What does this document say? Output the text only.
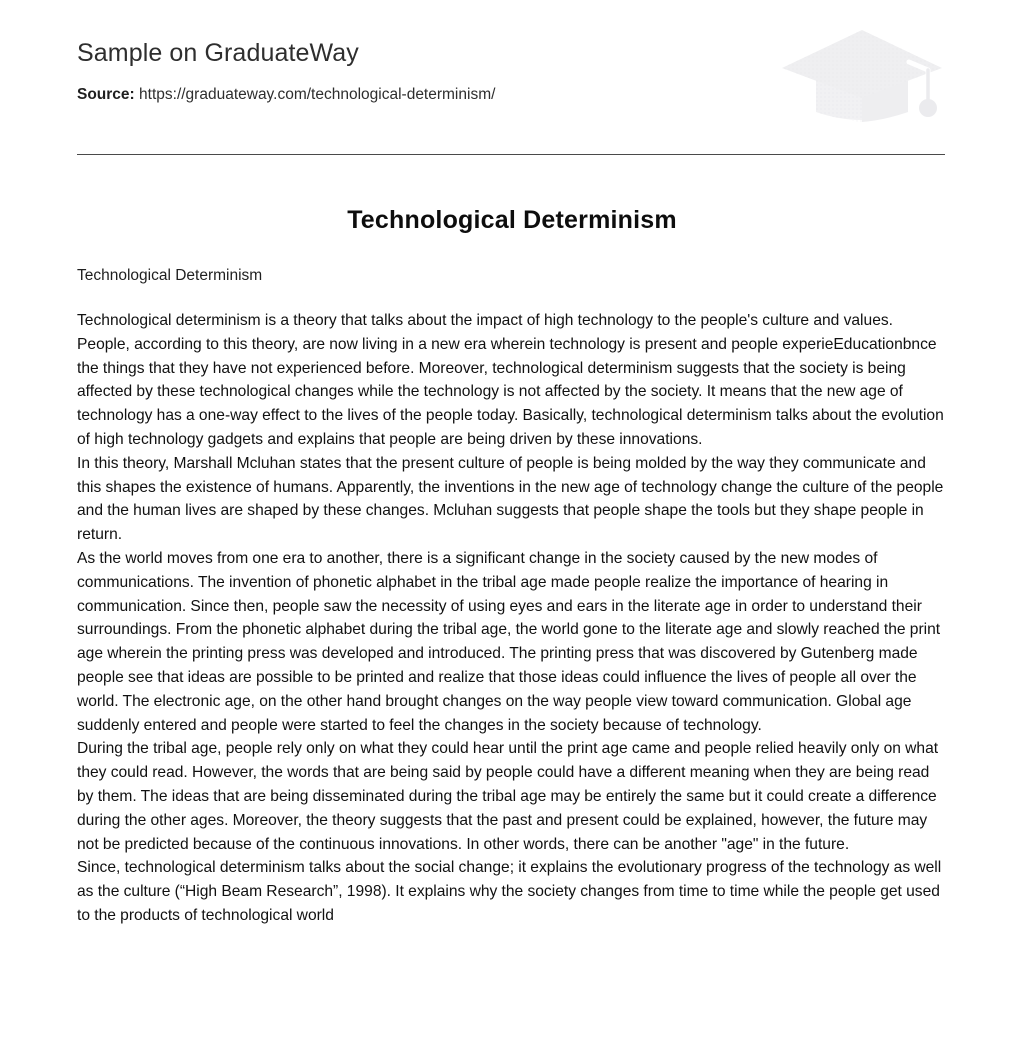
Sample on GraduateWay
Source: https://graduateway.com/technological-determinism/
Technological Determinism
Technological Determinism

Technological determinism is a theory that talks about the impact of high technology to the people's culture and values. People, according to this theory, are now living in a new era wherein technology is present and people experieEducationbnce the things that they have not experienced before. Moreover, technological determinism suggests that the society is being affected by these technological changes while the technology is not affected by the society. It means that the new age of technology has a one-way effect to the lives of the people today. Basically, technological determinism talks about the evolution of high technology gadgets and explains that people are being driven by these innovations.

In this theory, Marshall Mcluhan states that the present culture of people is being molded by the way they communicate and this shapes the existence of humans. Apparently, the inventions in the new age of technology change the culture of the people and the human lives are shaped by these changes. Mcluhan suggests that people shape the tools but they shape people in return.

As the world moves from one era to another, there is a significant change in the society caused by the new modes of communications. The invention of phonetic alphabet in the tribal age made people realize the importance of hearing in communication. Since then, people saw the necessity of using eyes and ears in the literate age in order to understand their surroundings. From the phonetic alphabet during the tribal age, the world gone to the literate age and slowly reached the print age wherein the printing press was developed and introduced. The printing press that was discovered by Gutenberg made people see that ideas are possible to be printed and realize that those ideas could influence the lives of people all over the world. The electronic age, on the other hand brought changes on the way people view toward communication. Global age suddenly entered and people were started to feel the changes in the society because of technology.

During the tribal age, people rely only on what they could hear until the print age came and people relied heavily only on what they could read. However, the words that are being said by people could have a different meaning when they are being read by them. The ideas that are being disseminated during the tribal age may be entirely the same but it could create a difference during the other ages. Moreover, the theory suggests that the past and present could be explained, however, the future may not be predicted because of the continuous innovations. In other words, there can be another "age" in the future.

Since, technological determinism talks about the social change; it explains the evolutionary progress of the technology as well as the culture (“High Beam Research”, 1998). It explains why the society changes from time to time while the people get used to the products of technological world
